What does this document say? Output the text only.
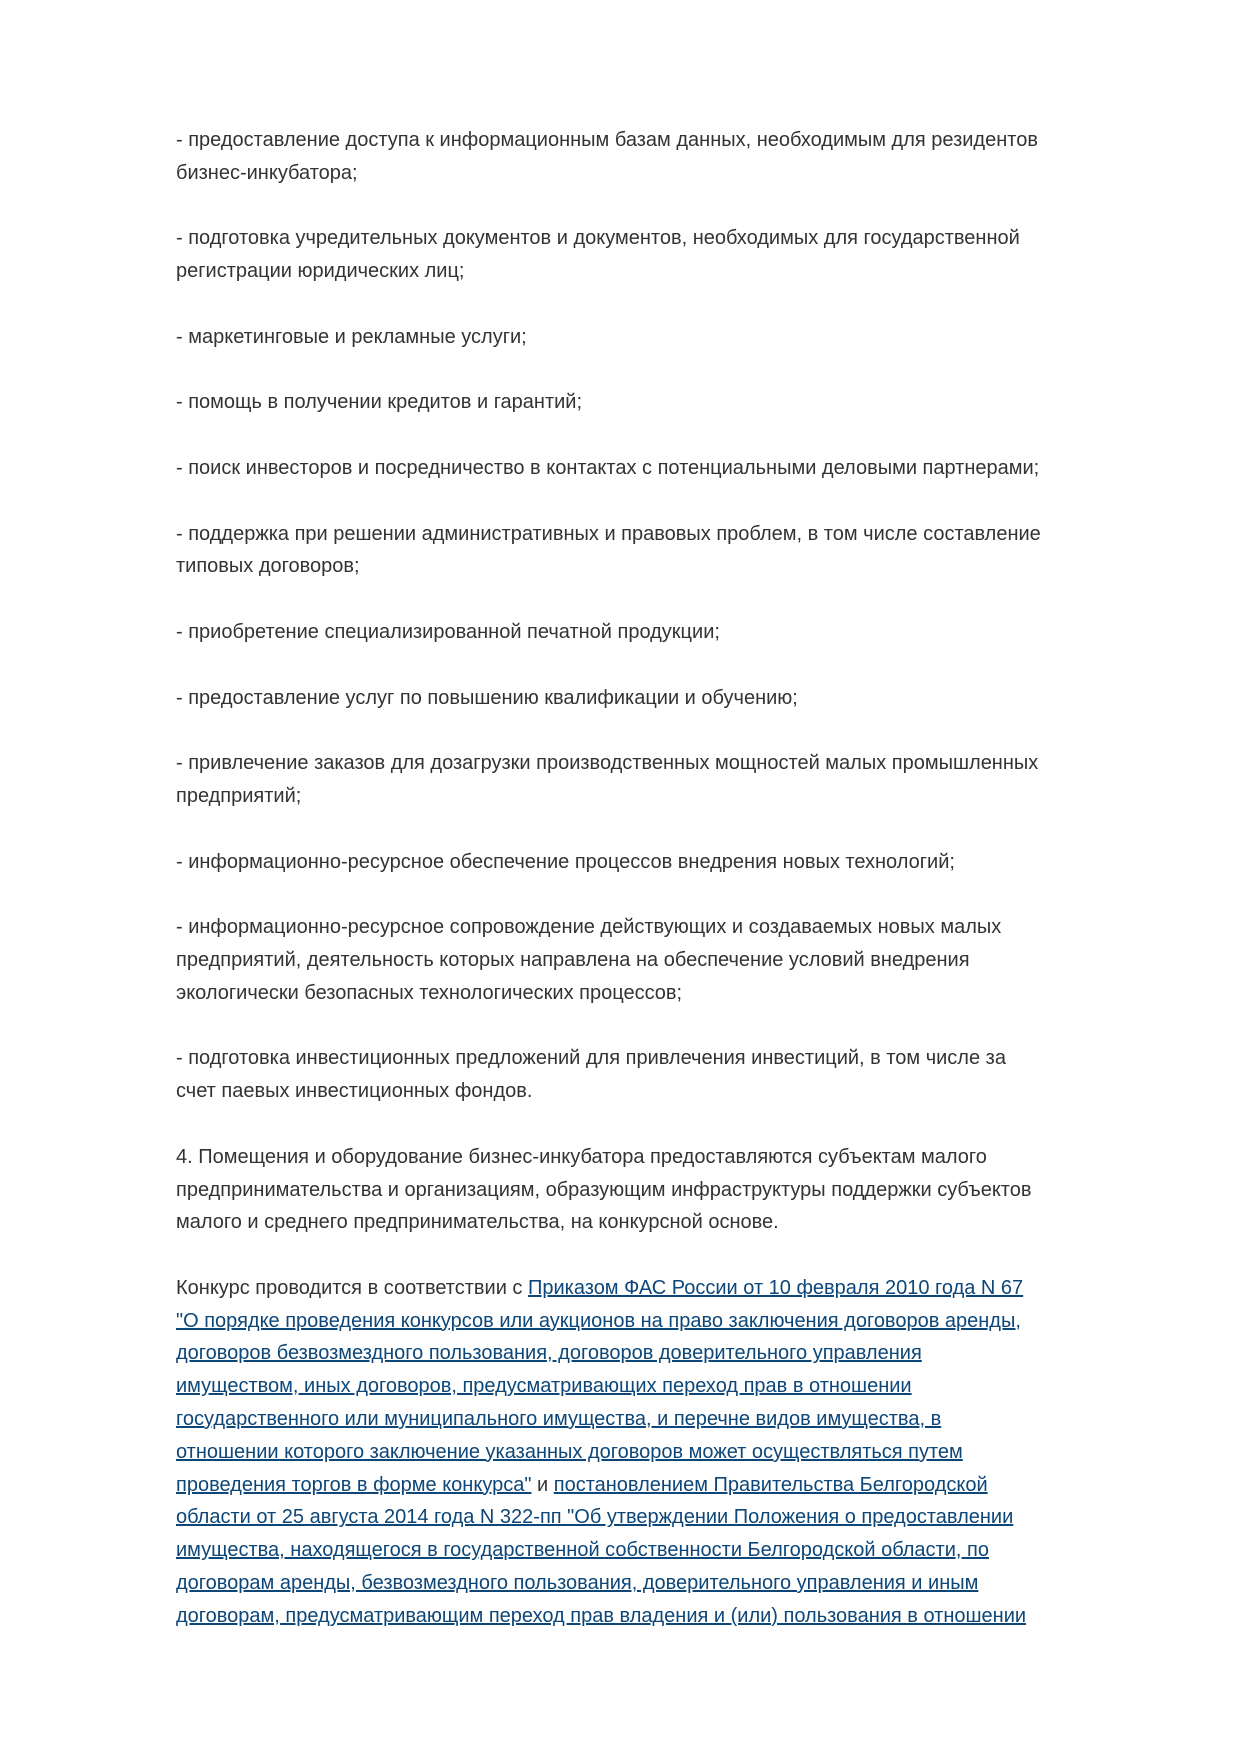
- предоставление доступа к информационным базам данных, необходимым для резидентов
бизнес-инкубатора;

- подготовка учредительных документов и документов, необходимых для государственной
регистрации юридических лиц;

- маркетинговые и рекламные услуги;

- помощь в получении кредитов и гарантий;

- поиск инвесторов и посредничество в контактах с потенциальными деловыми партнерами;

- поддержка при решении административных и правовых проблем, в том числе составление
типовых договоров;

- приобретение специализированной печатной продукции;

- предоставление услуг по повышению квалификации и обучению;

- привлечение заказов для дозагрузки производственных мощностей малых промышленных
предприятий;

- информационно-ресурсное обеспечение процессов внедрения новых технологий;

- информационно-ресурсное сопровождение действующих и создаваемых новых малых
предприятий, деятельность которых направлена на обеспечение условий внедрения
экологически безопасных технологических процессов;

- подготовка инвестиционных предложений для привлечения инвестиций, в том числе за
счет паевых инвестиционных фондов.

4. Помещения и оборудование бизнес-инкубатора предоставляются субъектам малого
предпринимательства и организациям, образующим инфраструктуры поддержки субъектов
малого и среднего предпринимательства, на конкурсной основе.

Конкурс проводится в соответствии с Приказом ФАС России от 10 февраля 2010 года N 67
"О порядке проведения конкурсов или аукционов на право заключения договоров аренды,
договоров безвозмездного пользования, договоров доверительного управления
имуществом, иных договоров, предусматривающих переход прав в отношении
государственного или муниципального имущества, и перечне видов имущества, в
отношении которого заключение указанных договоров может осуществляться путем
проведения торгов в форме конкурса" и постановлением Правительства Белгородской
области от 25 августа 2014 года N 322-пп "Об утверждении Положения о предоставлении
имущества, находящегося в государственной собственности Белгородской области, по
договорам аренды, безвозмездного пользования, доверительного управления и иным
договорам, предусматривающим переход прав владения и (или) пользования в отношении
